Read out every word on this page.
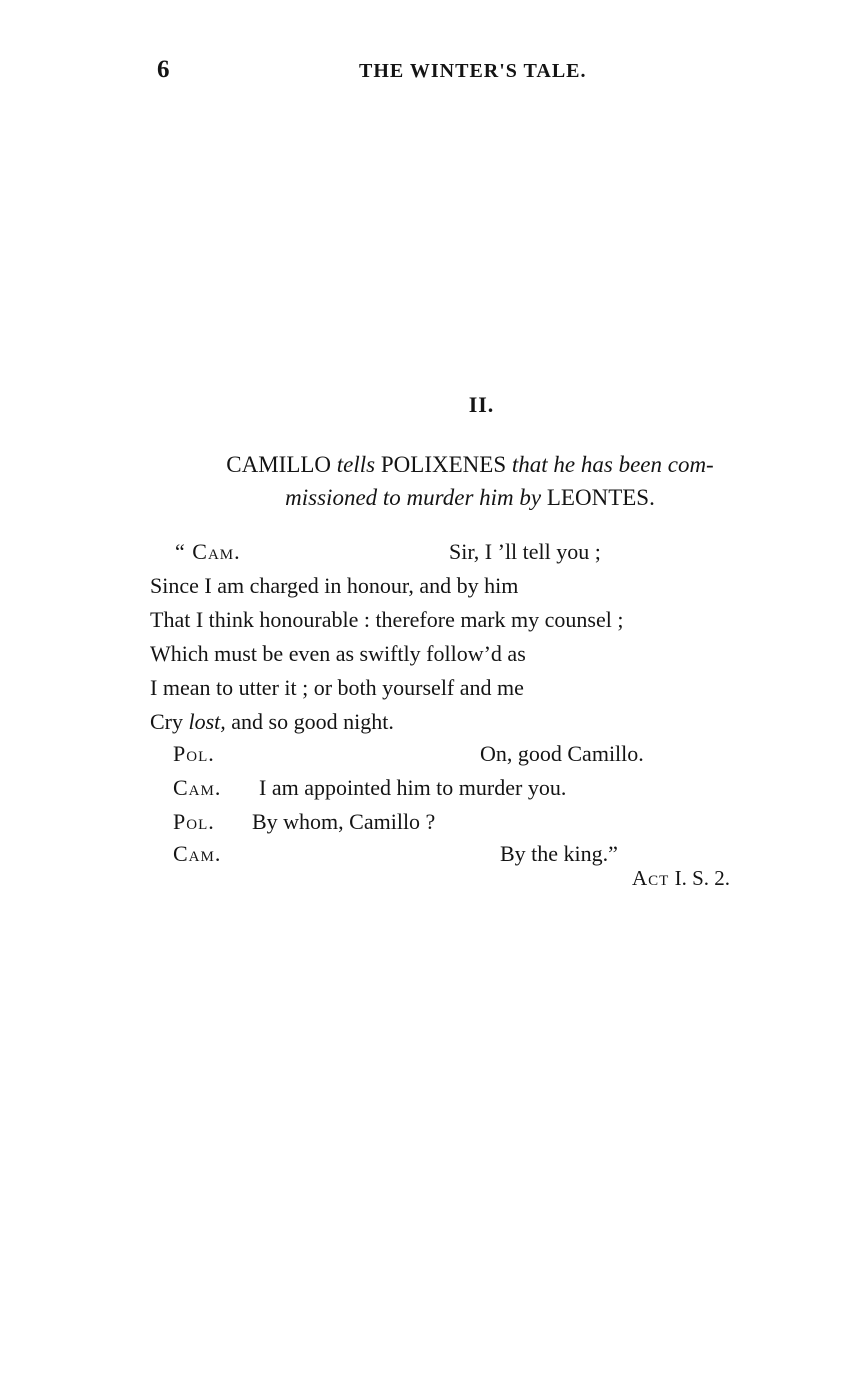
6	THE WINTER'S TALE.
II.
CAMILLO tells POLIXENES that he has been com-
missioned to murder him by LEONTES.
“ Cam.	Sir, I ’ll tell you ;
Since I am charged in honour, and by him
That I think honourable : therefore mark my counsel ;
Which must be even as swiftly follow’d as
I mean to utter it ; or both yourself and me
Cry lost, and so good night.
Pol.	On, good Camillo.
Cam. I am appointed him to murder you.
Pol. By whom, Camillo ?
Cam.	By the king.”
Act I. S. 2.
